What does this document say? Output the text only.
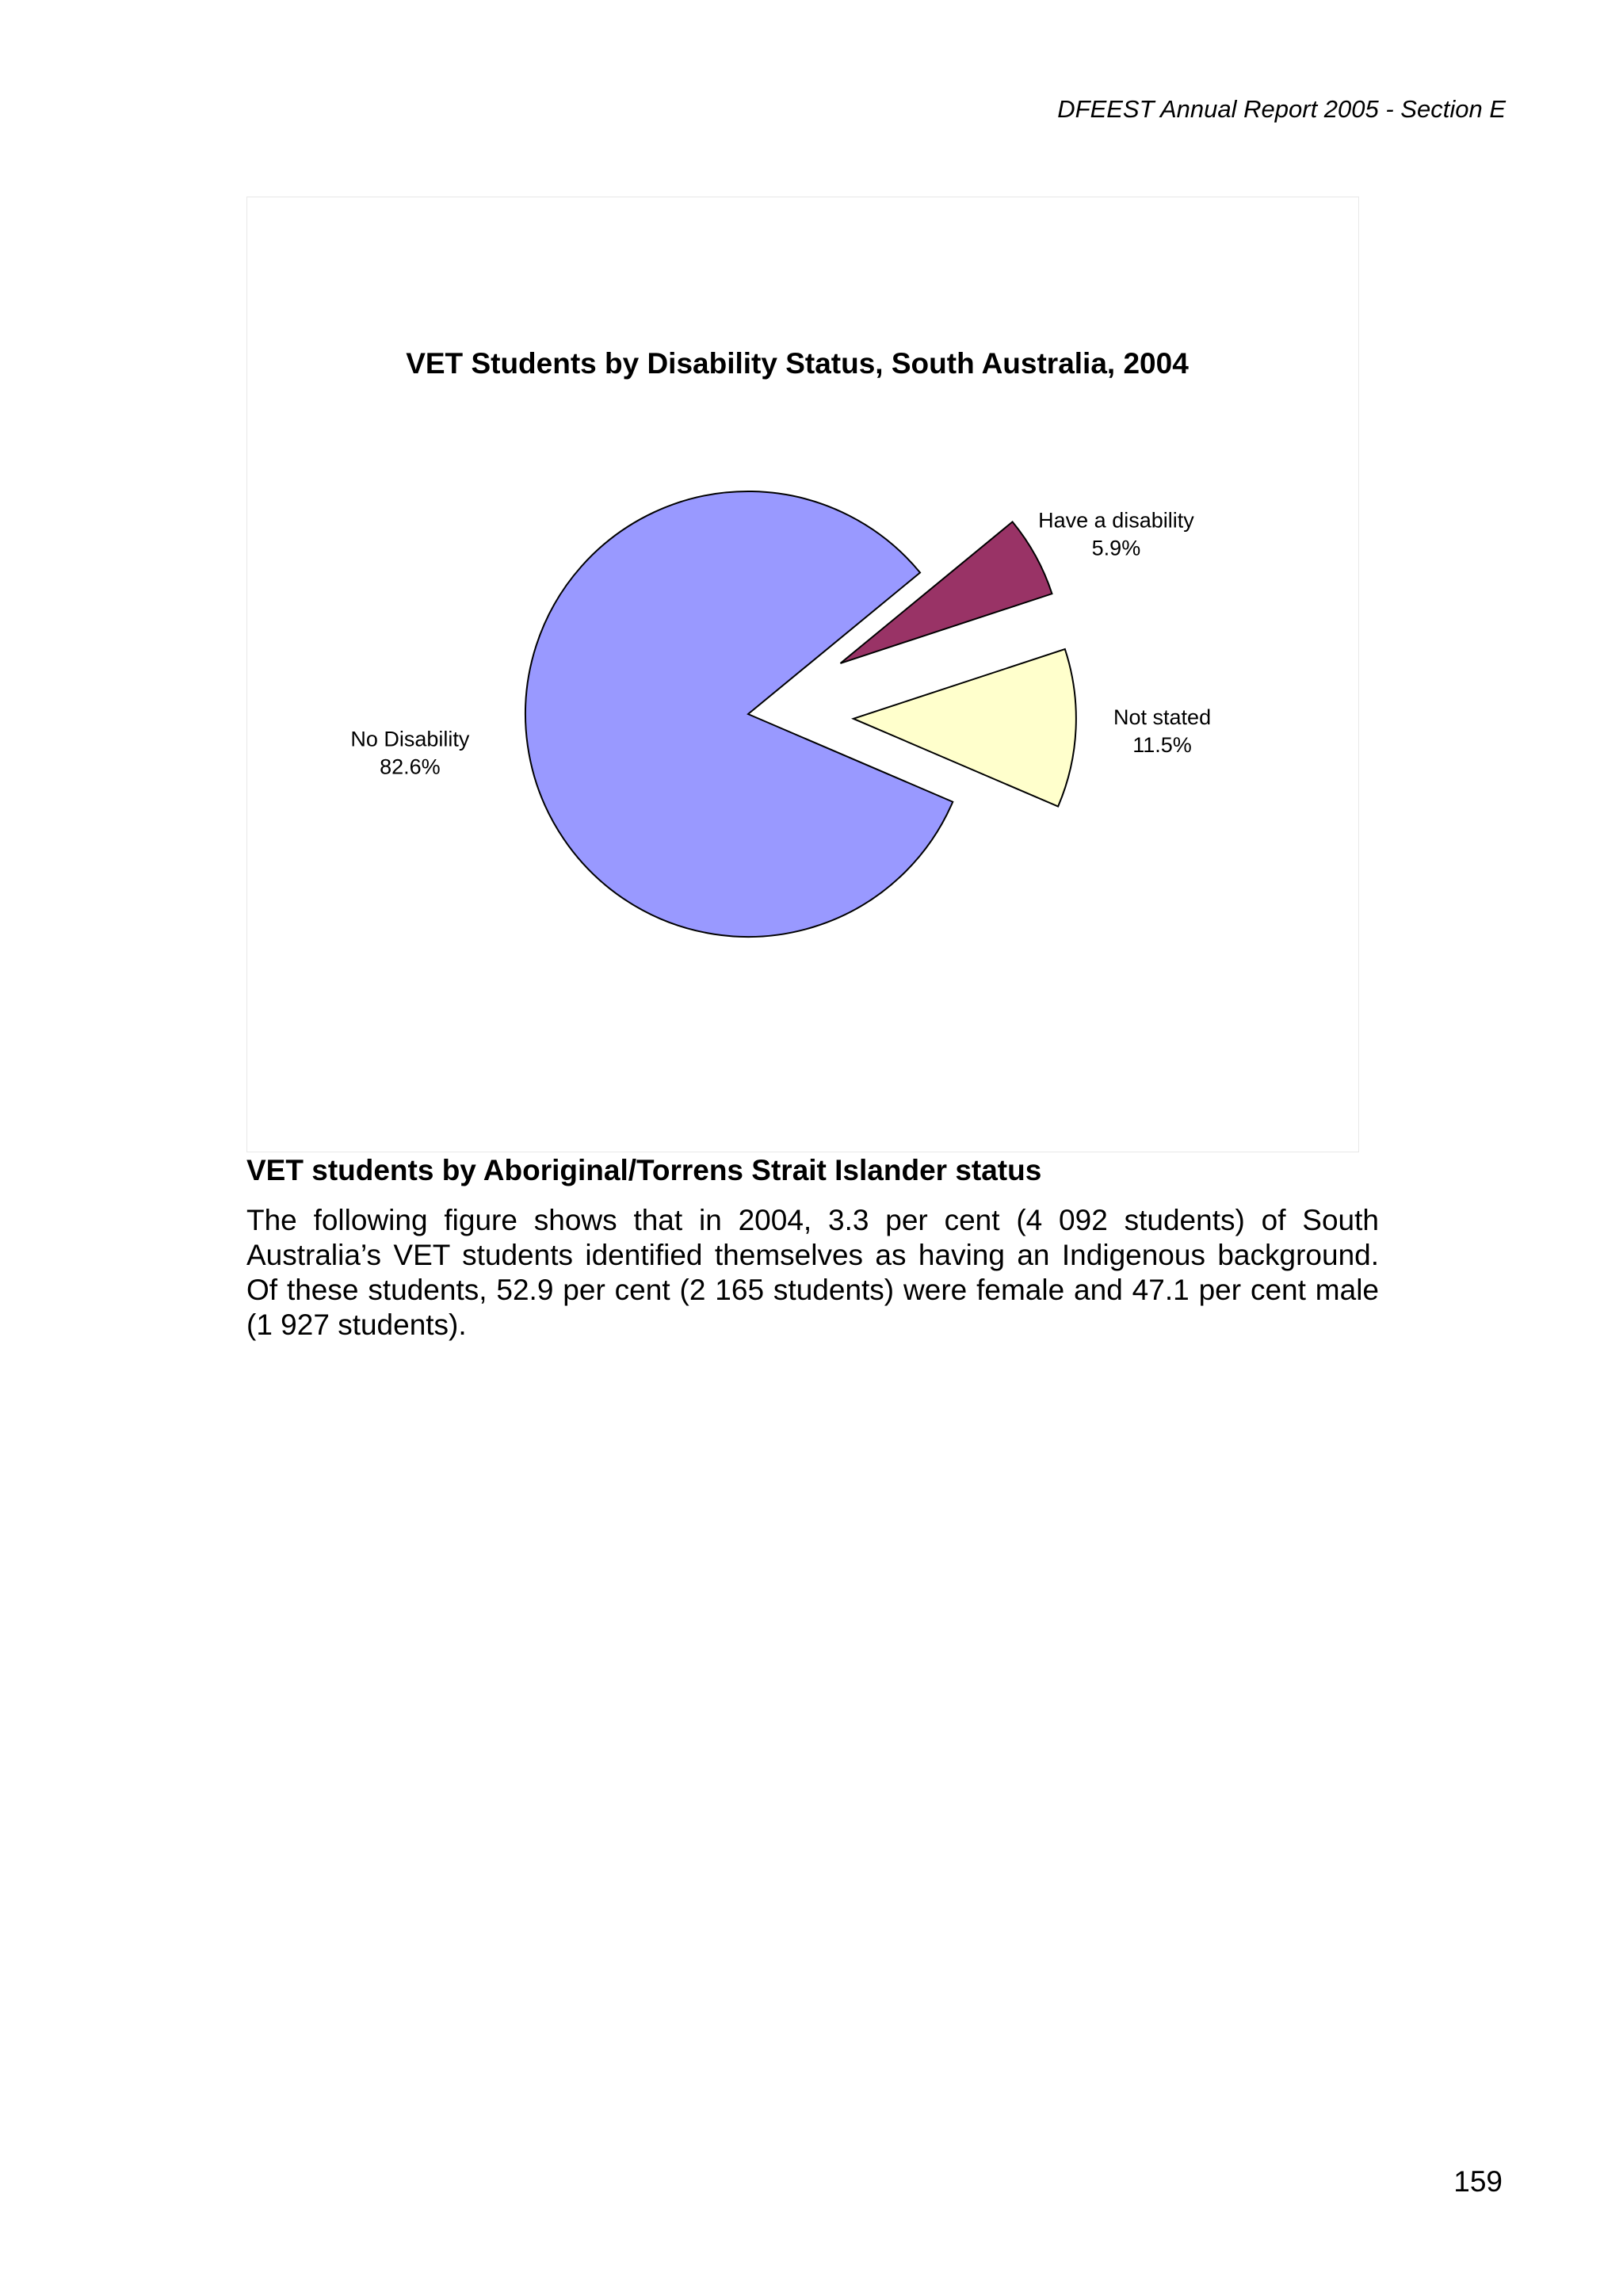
DFEEST Annual Report 2005 - Section E
VET Students by Disability Status, South Australia, 2004
Not stated 11.5%
Have a disability 5.9%
No Disability 82.6%
VET students by Aboriginal/Torrens Strait Islander status
The following figure shows that in 2004, 3.3 per cent (4 092 students) of South Australia’s VET students identified themselves as having an Indigenous background. Of these students, 52.9 per cent (2 165 students) were female and 47.1 per cent male (1 927 students).
159
